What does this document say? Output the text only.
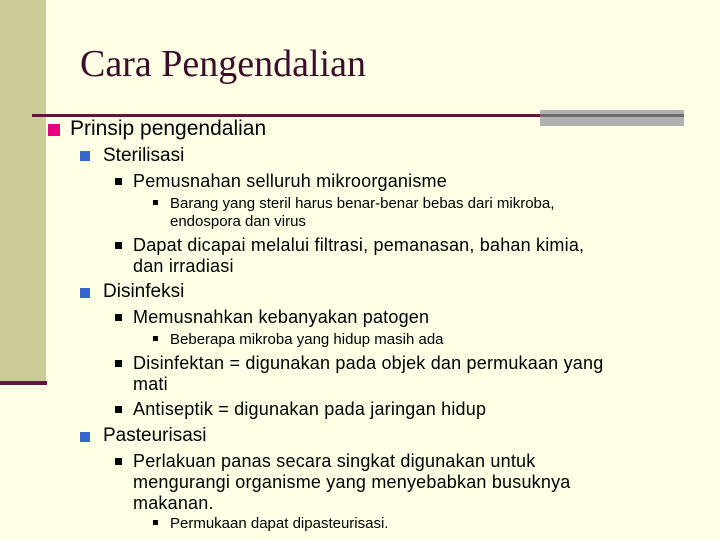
Cara Pengendalian
Prinsip pengendalian
Sterilisasi
Pemusnahan selluruh mikroorganisme
Barang yang steril harus benar-benar bebas dari mikroba,
endospora dan virus
Dapat dicapai melalui filtrasi, pemanasan, bahan kimia,
dan irradiasi
Disinfeksi
Memusnahkan kebanyakan patogen
Beberapa mikroba yang hidup masih ada
Disinfektan = digunakan pada objek dan permukaan yang
mati
Antiseptik = digunakan pada jaringan hidup
Pasteurisasi
Perlakuan panas secara singkat digunakan untuk
mengurangi organisme yang menyebabkan busuknya
makanan.
Permukaan dapat dipasteurisasi.
